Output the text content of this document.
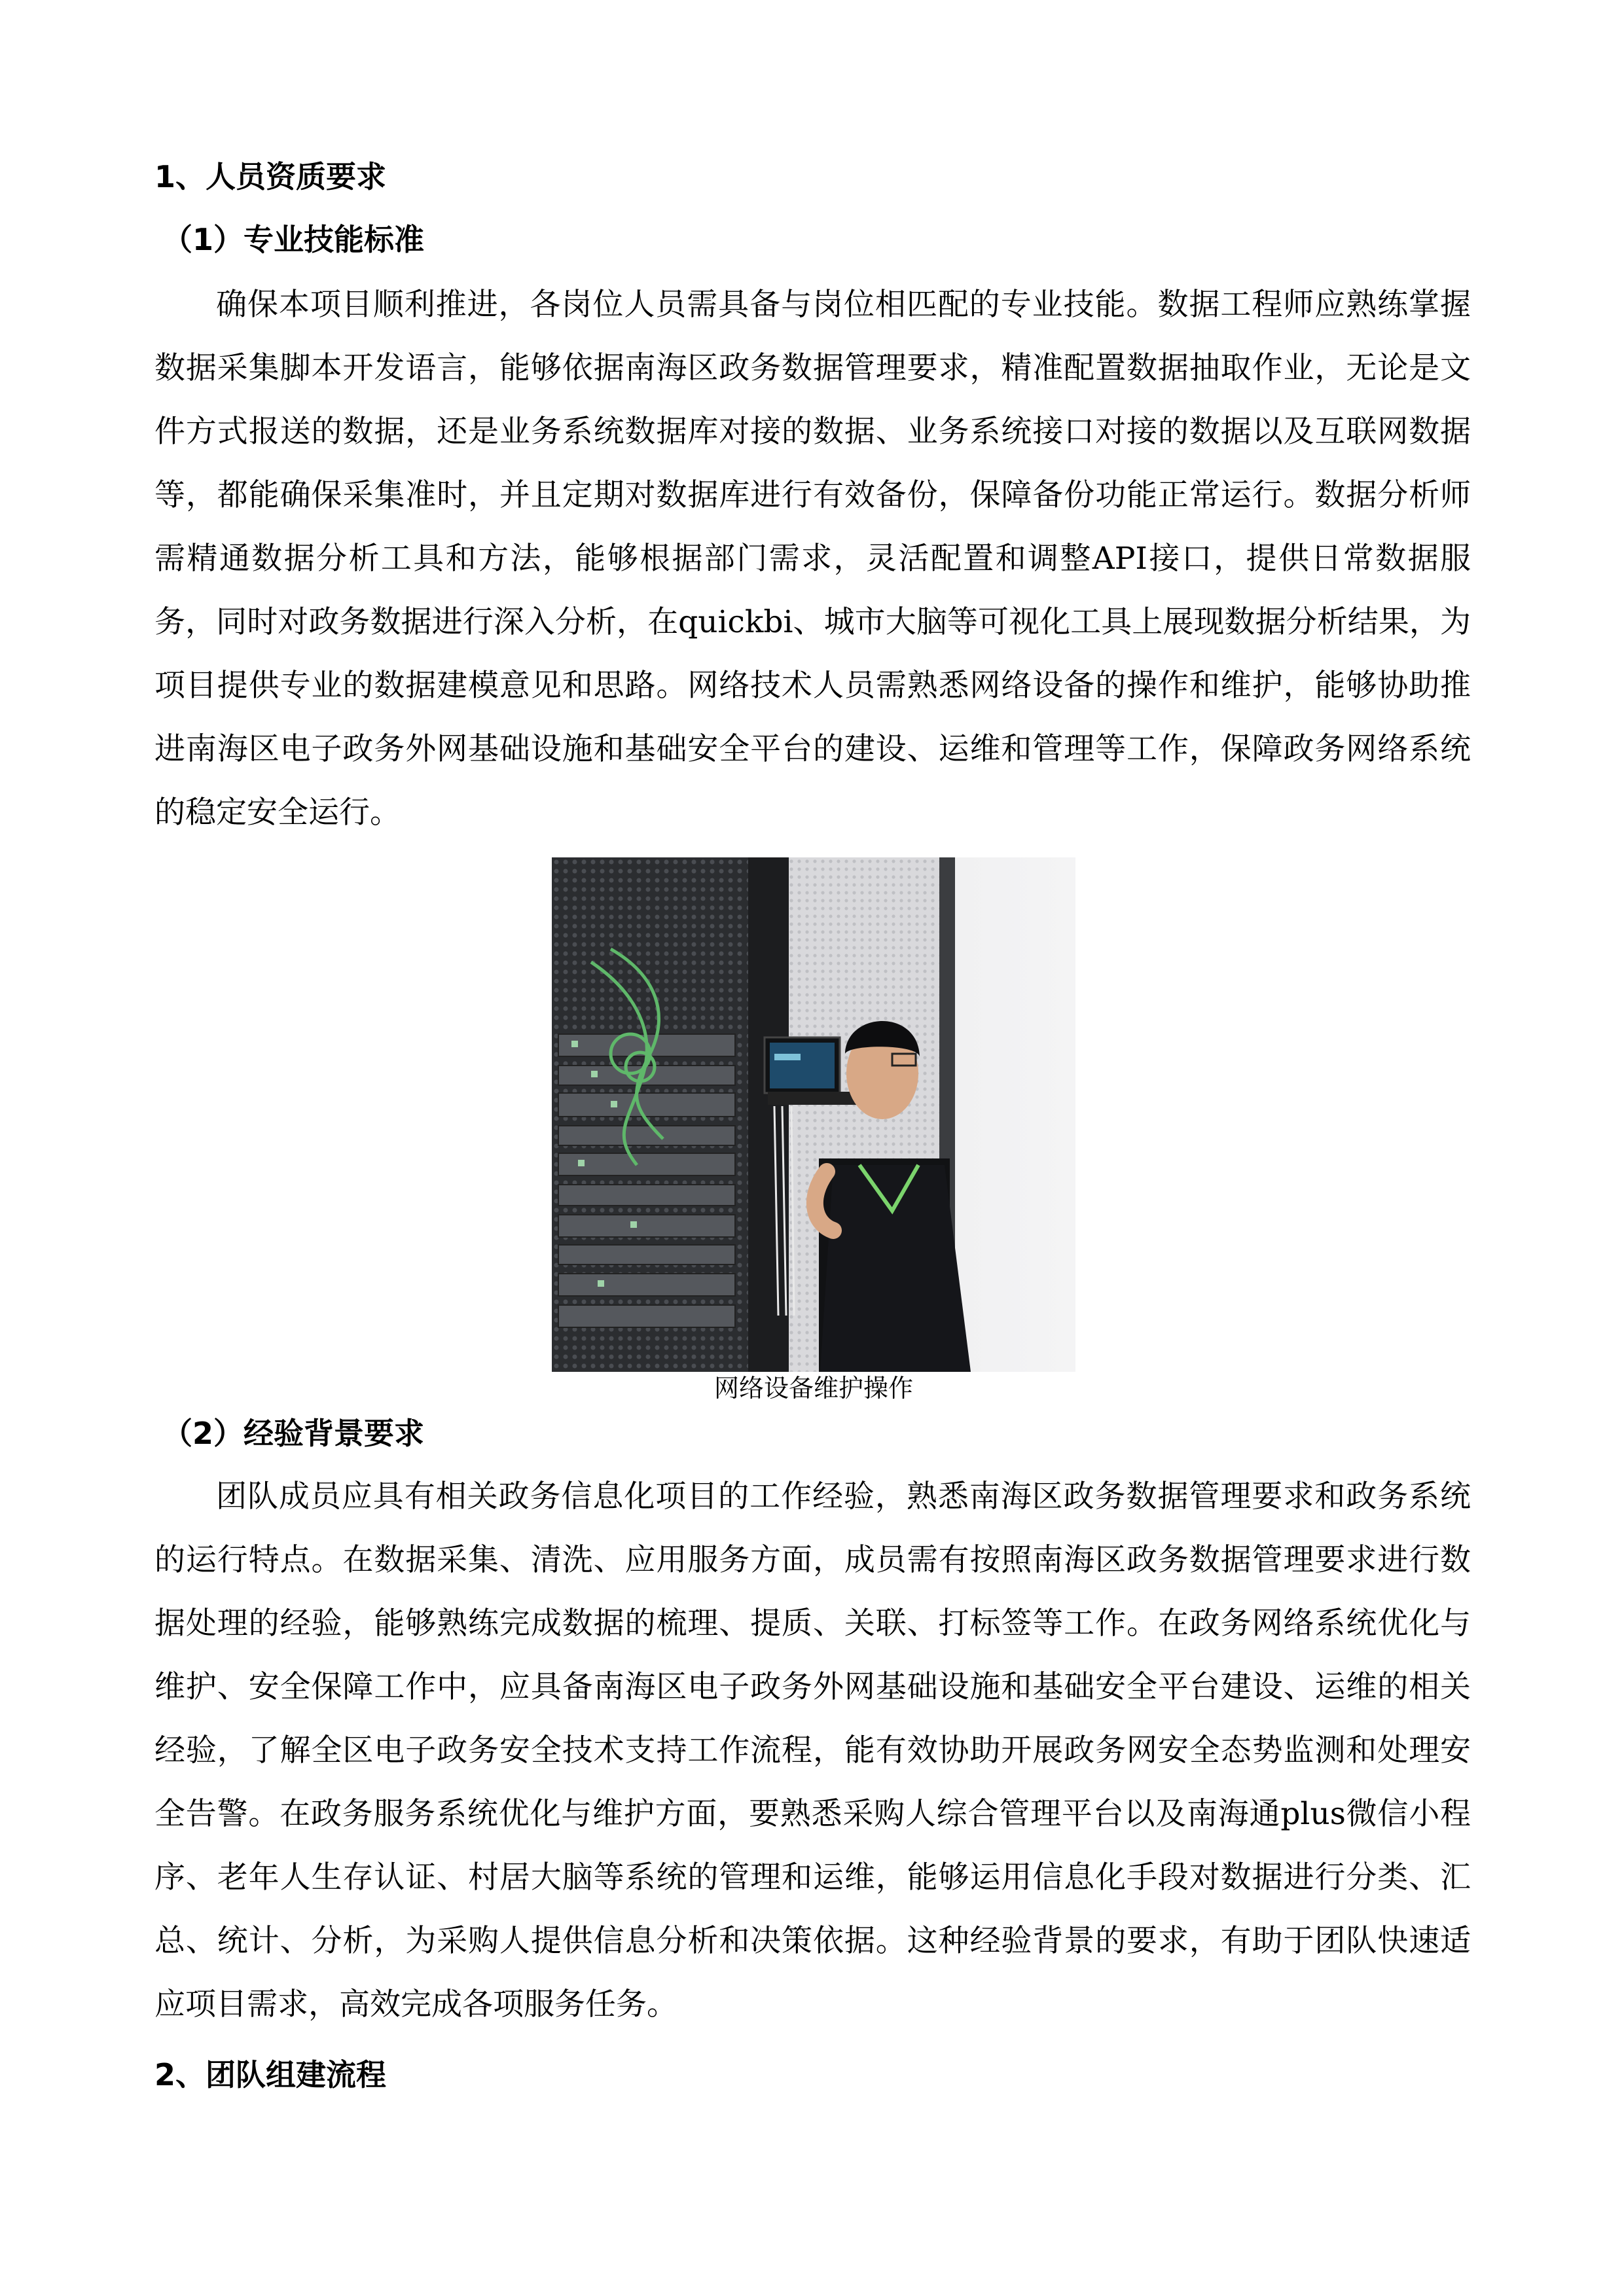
1、人员资质要求
（1）专业技能标准

确保本项目顺利推进，各岗位人员需具备与岗位相匹配的专业技能。数据工程师应熟练掌握数据采集脚本开发语言，能够依据南海区政务数据管理要求，精准配置数据抽取作业，无论是文件方式报送的数据，还是业务系统数据库对接的数据、业务系统接口对接的数据以及互联网数据等，都能确保采集准时，并且定期对数据库进行有效备份，保障备份功能正常运行。数据分析师需精通数据分析工具和方法，能够根据部门需求，灵活配置和调整API接口，提供日常数据服务，同时对政务数据进行深入分析，在quickbi、城市大脑等可视化工具上展现数据分析结果，为项目提供专业的数据建模意见和思路。网络技术人员需熟悉网络设备的操作和维护，能够协助推进南海区电子政务外网基础设施和基础安全平台的建设、运维和管理等工作，保障政务网络系统的稳定安全运行。

网络设备维护操作

（2）经验背景要求

团队成员应具有相关政务信息化项目的工作经验，熟悉南海区政务数据管理要求和政务系统的运行特点。在数据采集、清洗、应用服务方面，成员需有按照南海区政务数据管理要求进行数据处理的经验，能够熟练完成数据的梳理、提质、关联、打标签等工作。在政务网络系统优化与维护、安全保障工作中，应具备南海区电子政务外网基础设施和基础安全平台建设、运维的相关经验，了解全区电子政务安全技术支持工作流程，能有效协助开展政务网安全态势监测和处理安全告警。在政务服务系统优化与维护方面，要熟悉采购人综合管理平台以及南海通plus微信小程序、老年人生存认证、村居大脑等系统的管理和运维，能够运用信息化手段对数据进行分类、汇总、统计、分析，为采购人提供信息分析和决策依据。这种经验背景的要求，有助于团队快速适应项目需求，高效完成各项服务任务。

2、团队组建流程
